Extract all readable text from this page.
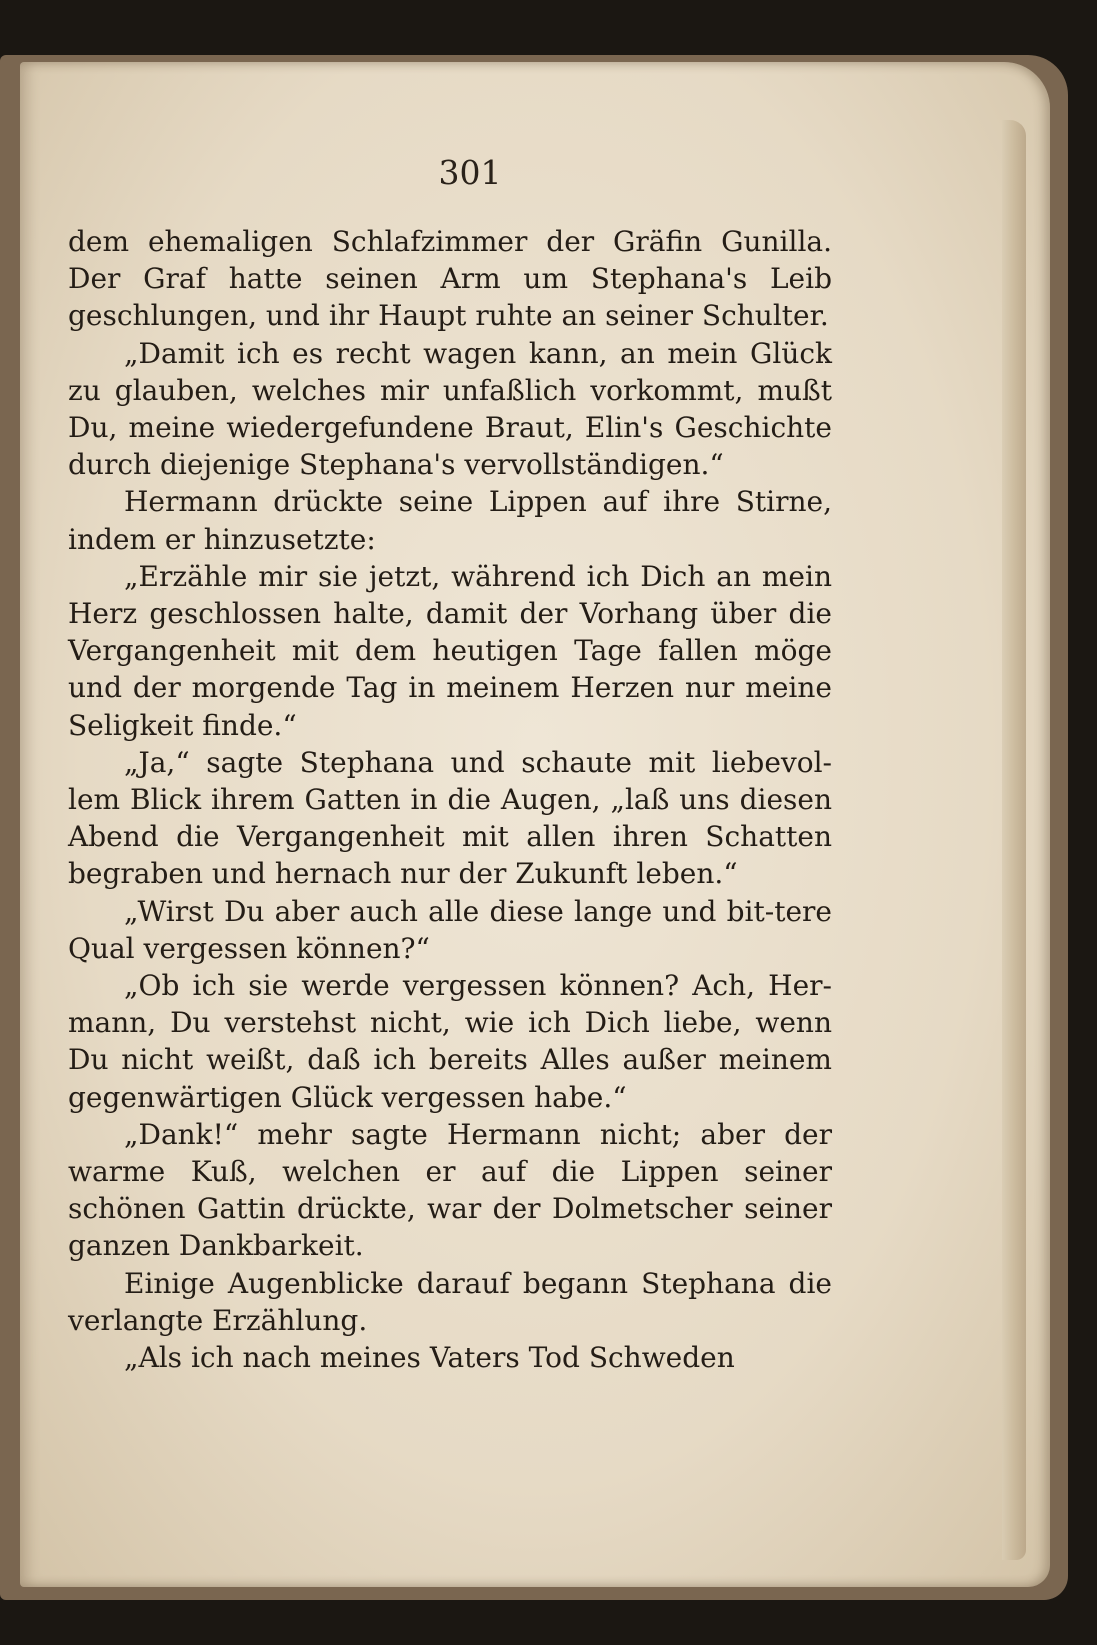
301

dem ehemaligen Schlafzimmer der Gräfin Gunilla. Der Graf hatte seinen Arm um Stephana's Leib geschlungen, und ihr Haupt ruhte an seiner Schulter.

„Damit ich es recht wagen kann, an mein Glück zu glauben, welches mir unfaßlich vorkommt, mußt Du, meine wiedergefundene Braut, Elin's Geschichte durch diejenige Stephana's vervollständigen.“

Hermann drückte seine Lippen auf ihre Stirne, indem er hinzusetzte:

„Erzähle mir sie jetzt, während ich Dich an mein Herz geschlossen halte, damit der Vorhang über die Vergangenheit mit dem heutigen Tage fallen möge und der morgende Tag in meinem Herzen nur meine Seligkeit finde.“

„Ja,“ sagte Stephana und schaute mit liebevol-lem Blick ihrem Gatten in die Augen, „laß uns diesen Abend die Vergangenheit mit allen ihren Schatten begraben und hernach nur der Zukunft leben.“

„Wirst Du aber auch alle diese lange und bit-tere Qual vergessen können?“

„Ob ich sie werde vergessen können? Ach, Her-mann, Du verstehst nicht, wie ich Dich liebe, wenn Du nicht weißt, daß ich bereits Alles außer meinem gegenwärtigen Glück vergessen habe.“

„Dank!“ mehr sagte Hermann nicht; aber der warme Kuß, welchen er auf die Lippen seiner schönen Gattin drückte, war der Dolmetscher seiner ganzen Dankbarkeit.

Einige Augenblicke darauf begann Stephana die verlangte Erzählung.

„Als ich nach meines Vaters Tod Schweden
